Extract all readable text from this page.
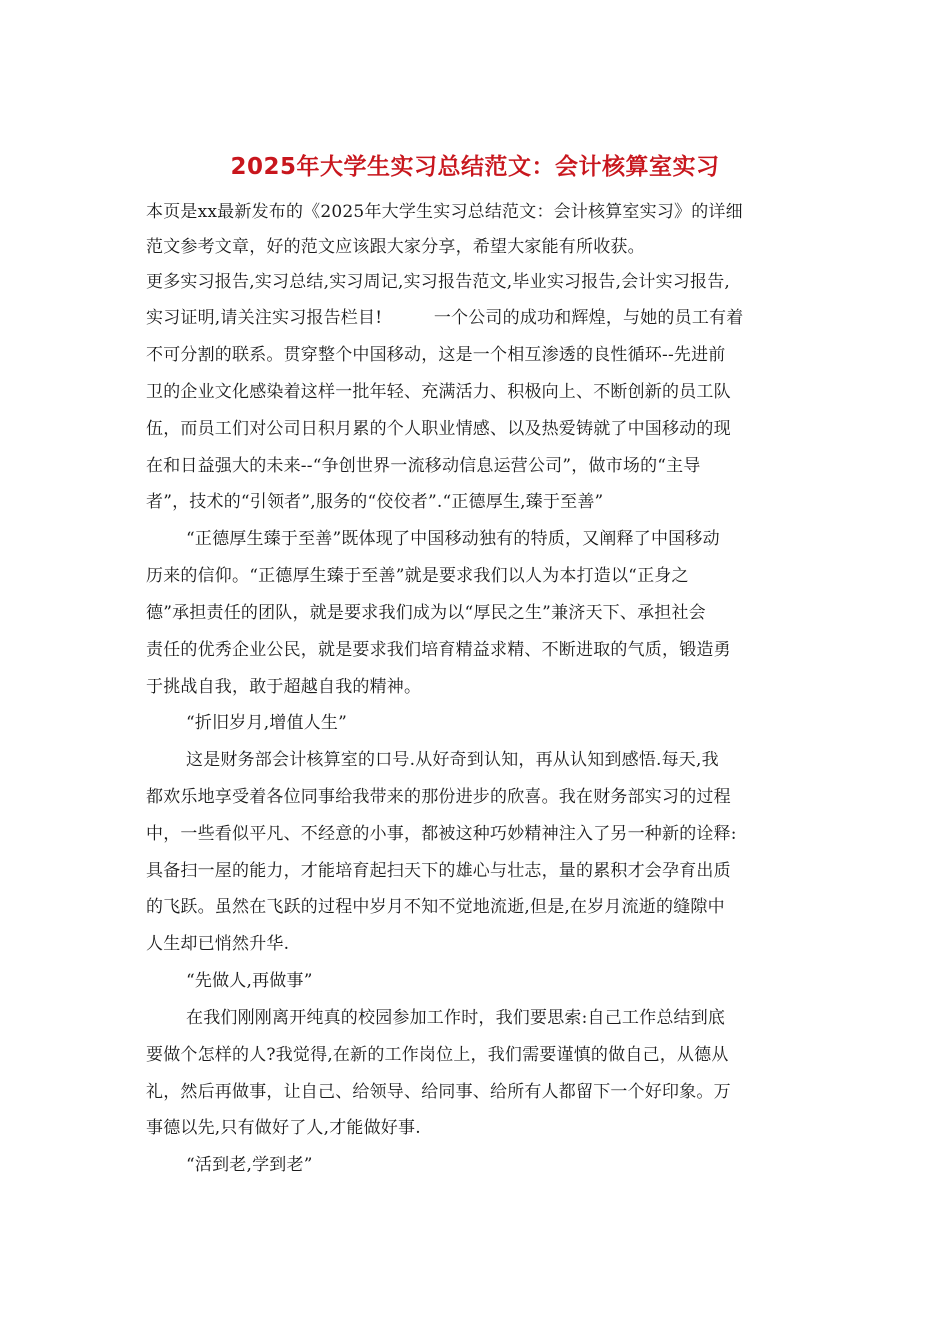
2025年大学生实习总结范文：会计核算室实习
本页是xx最新发布的《2025年大学生实习总结范文：会计核算室实习》的详细
范文参考文章，好的范文应该跟大家分享，希望大家能有所收获。
更多实习报告,实习总结,实习周记,实习报告范文,毕业实习报告,会计实习报告,
实习证明,请关注实习报告栏目!　　　一个公司的成功和辉煌，与她的员工有着
不可分割的联系。贯穿整个中国移动，这是一个相互渗透的良性循环--先进前
卫的企业文化感染着这样一批年轻、充满活力、积极向上、不断创新的员工队
伍，而员工们对公司日积月累的个人职业情感、以及热爱铸就了中国移动的现
在和日益强大的未来--“争创世界一流移动信息运营公司”，做市场的“主导
者”，技术的“引领者”,服务的“佼佼者”.“正德厚生,臻于至善”
“正德厚生臻于至善”既体现了中国移动独有的特质，又阐释了中国移动
历来的信仰。“正德厚生臻于至善”就是要求我们以人为本打造以“正身之
德”承担责任的团队，就是要求我们成为以“厚民之生”兼济天下、承担社会
责任的优秀企业公民，就是要求我们培育精益求精、不断进取的气质，锻造勇
于挑战自我，敢于超越自我的精神。
“折旧岁月,增值人生”
这是财务部会计核算室的口号.从好奇到认知，再从认知到感悟.每天,我
都欢乐地享受着各位同事给我带来的那份进步的欣喜。我在财务部实习的过程
中，一些看似平凡、不经意的小事，都被这种巧妙精神注入了另一种新的诠释:
具备扫一屋的能力，才能培育起扫天下的雄心与壮志，量的累积才会孕育出质
的飞跃。虽然在飞跃的过程中岁月不知不觉地流逝,但是,在岁月流逝的缝隙中
人生却已悄然升华.
“先做人,再做事”
在我们刚刚离开纯真的校园参加工作时，我们要思索:自己工作总结到底
要做个怎样的人?我觉得,在新的工作岗位上，我们需要谨慎的做自己，从德从
礼，然后再做事，让自己、给领导、给同事、给所有人都留下一个好印象。万
事德以先,只有做好了人,才能做好事.
“活到老,学到老”
